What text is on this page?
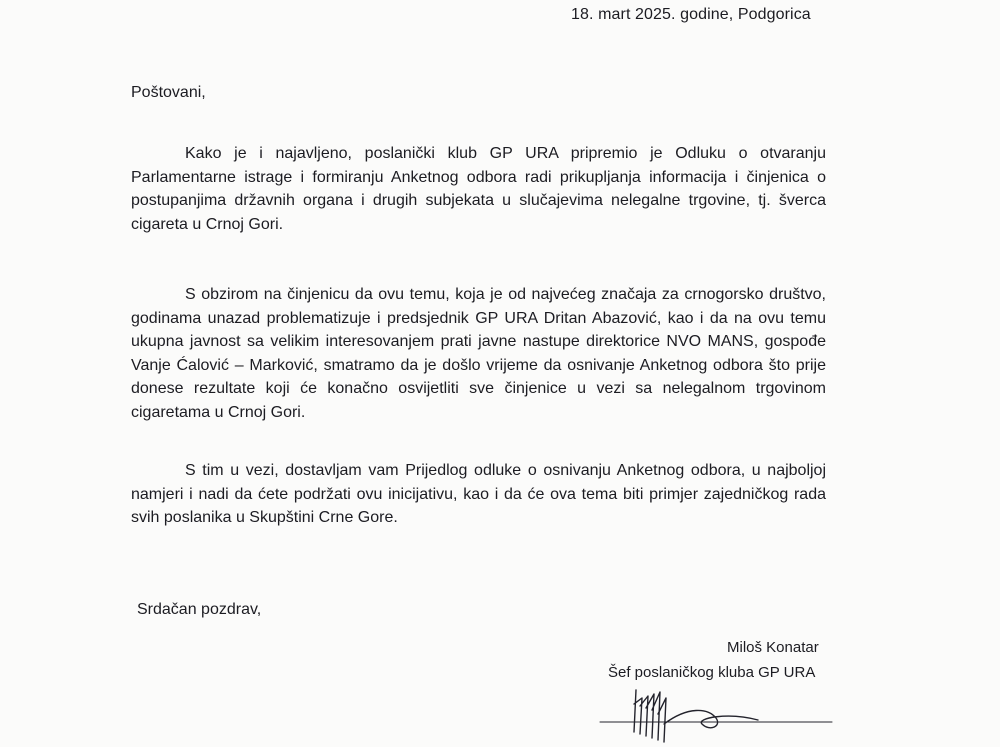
18. mart 2025. godine, Podgorica
Poštovani,

Kako je i najavljeno, poslanički klub GP URA pripremio je Odluku o otvaranju Parlamentarne istrage i formiranju Anketnog odbora radi prikupljanja informacija i činjenica o postupanjima državnih organa i drugih subjekata u slučajevima nelegalne trgovine, tj. šverca cigareta u Crnoj Gori.

S obzirom na činjenicu da ovu temu, koja je od najvećeg značaja za crnogorsko društvo, godinama unazad problematizuje i predsjednik GP URA Dritan Abazović, kao i da na ovu temu ukupna javnost sa velikim interesovanjem prati javne nastupe direktorice NVO MANS, gospođe Vanje Ćalović – Marković, smatramo da je došlo vrijeme da osnivanje Anketnog odbora što prije donese rezultate koji će konačno osvijetliti sve činjenice u vezi sa nelegalnom trgovinom cigaretama u Crnoj Gori.

S tim u vezi, dostavljam vam Prijedlog odluke o osnivanju Anketnog odbora, u najboljoj namjeri i nadi da ćete podržati ovu inicijativu, kao i da će ova tema biti primjer zajedničkog rada svih poslanika u Skupštini Crne Gore.

Srdačan pozdrav,
Miloš Konatar
Šef poslaničkog kluba GP URA
